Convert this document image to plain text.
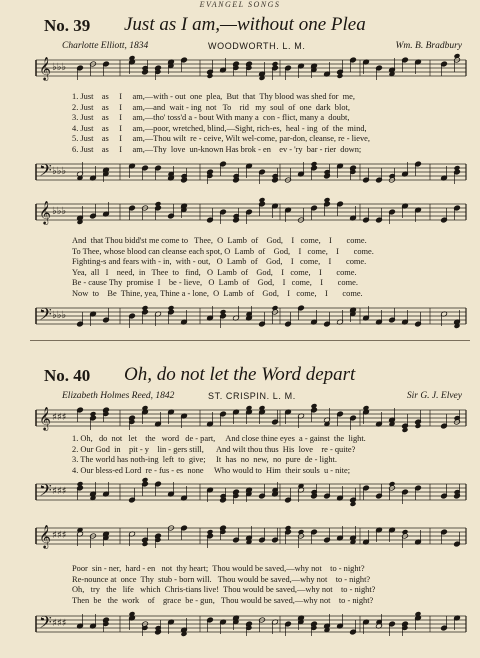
EVANGEL SONGS
No. 39 Just as I am,—without one Plea
Charlotte Elliott, 1834	WOODWORTH. L. M.	Wm. B. Bradbury
𝄞 ♭♭♭
1. Just    as     I     am,—with - out  one  plea,  But  that  Thy blood was shed for  me,
2. Just    as     I     am,—and  wait - ing  not   To    rid   my  soul  of  one  dark  blot,
3. Just    as     I     am,—tho' toss'd a - bout With many a  con - flict, many a  doubt,
4. Just    as     I     am,—poor, wretched, blind,—Sight, rich-es,  heal - ing  of  the  mind,
5. Just    as     I     am,—Thou wilt  re - ceive, Wilt wel-come, par-don, cleanse, re - lieve,
6. Just    as     I     am,—Thy  love  un-known Has brok - en    ev - 'ry  bar - rier  down;
𝄢 ♭♭♭
𝄞 ♭♭♭
And  that Thou bidd'st me come to   Thee,  O  Lamb  of    God,    I   come,    I       come.
To Thee, whose blood can cleanse each spot, O  Lamb  of    God,    I   come,    I       come.
Fighting-s and fears with - in,  with - out,   O  Lamb  of    God,    I   come,    I       come.
Yea,  all   I    need,  in   Thee  to   find,   O  Lamb  of    God,    I   come,    I       come.
Be - cause Thy  promise  I    be - lieve,   O  Lamb  of    God,    I   come,    I       come.
Now  to    Be  Thine, yea, Thine a - lone,  O  Lamb  of    God,    I   come,    I       come.
𝄢 ♭♭♭
No. 40 Oh, do not let the Word depart
Elizabeth Holmes Reed, 1842	ST. CRISPIN. L. M.	Sir G. J. Elvey
𝄞 ♯♯♯
1. Oh,   do  not   let    the   word   de - part,     And close thine eyes  a - gainst  the  light.
2. Our God  in    pit - y    lin - gers still,      And wilt thou thus  His  love    re - quite?
3. The world has noth-ing  left  to  give;     It  has  no  new,  no  pure  de - light.
4. Our bless-ed Lord  re - fus - es  none     Who would to  Him  their souls  u - nite;
𝄢 ♯♯♯
𝄞 ♯♯♯
Poor  sin - ner,  hard - en   not  thy heart;  Thou would be saved,—why not    to - night?
Re-nounce at  once  Thy  stub - born will.   Thou would be saved,—why not    to - night?
Oh,   try   the   life   which  Chris-tians live!  Thou would be saved,—why not    to - night?
Then  be   the  work    of    grace  be - gun,   Thou would be saved,—why not    to - night?
𝄢 ♯♯♯
